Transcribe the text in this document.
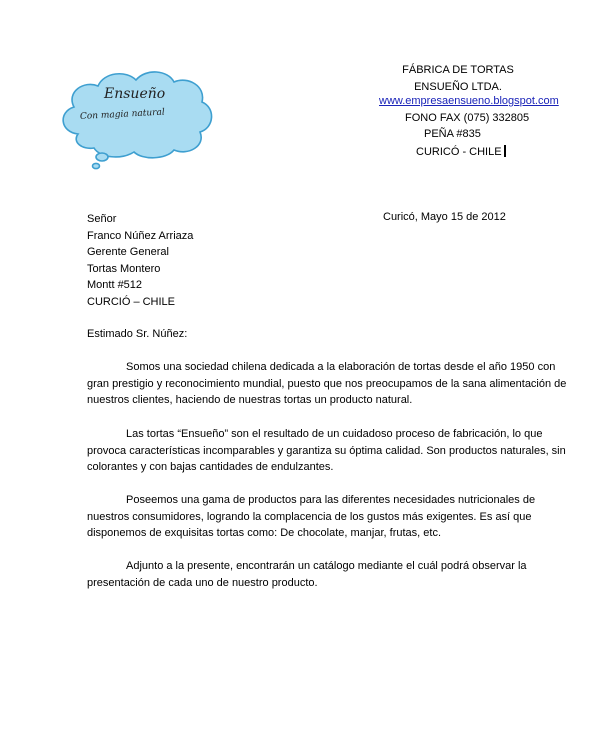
Ensueño
Con magia natural
FÁBRICA DE TORTAS
ENSUEÑO LTDA.
www.empresaensueno.blogspot.com
FONO FAX (075) 332805
PEÑA #835
CURICÓ - CHILE
Curicó, Mayo 15 de 2012
Señor
Franco Núñez Arriaza
Gerente General
Tortas Montero
Montt #512
CURCIÓ – CHILE
Estimado Sr. Núñez:
Somos una sociedad chilena dedicada a la elaboración de tortas desde el año 1950 con
gran prestigio y reconocimiento mundial, puesto que nos preocupamos de la sana alimentación de
nuestros clientes, haciendo de nuestras tortas un producto natural.
Las tortas “Ensueño” son el resultado de un cuidadoso proceso de fabricación, lo que
provoca características incomparables y garantiza su óptima calidad. Son productos naturales, sin
colorantes y con bajas cantidades de endulzantes.
Poseemos una gama de productos para las diferentes necesidades nutricionales de
nuestros consumidores, logrando la complacencia de los gustos más exigentes. Es así que
disponemos de exquisitas tortas como: De chocolate, manjar, frutas, etc.
Adjunto a la presente, encontrarán un catálogo mediante el cuál podrá observar la
presentación de cada uno de nuestro producto.
